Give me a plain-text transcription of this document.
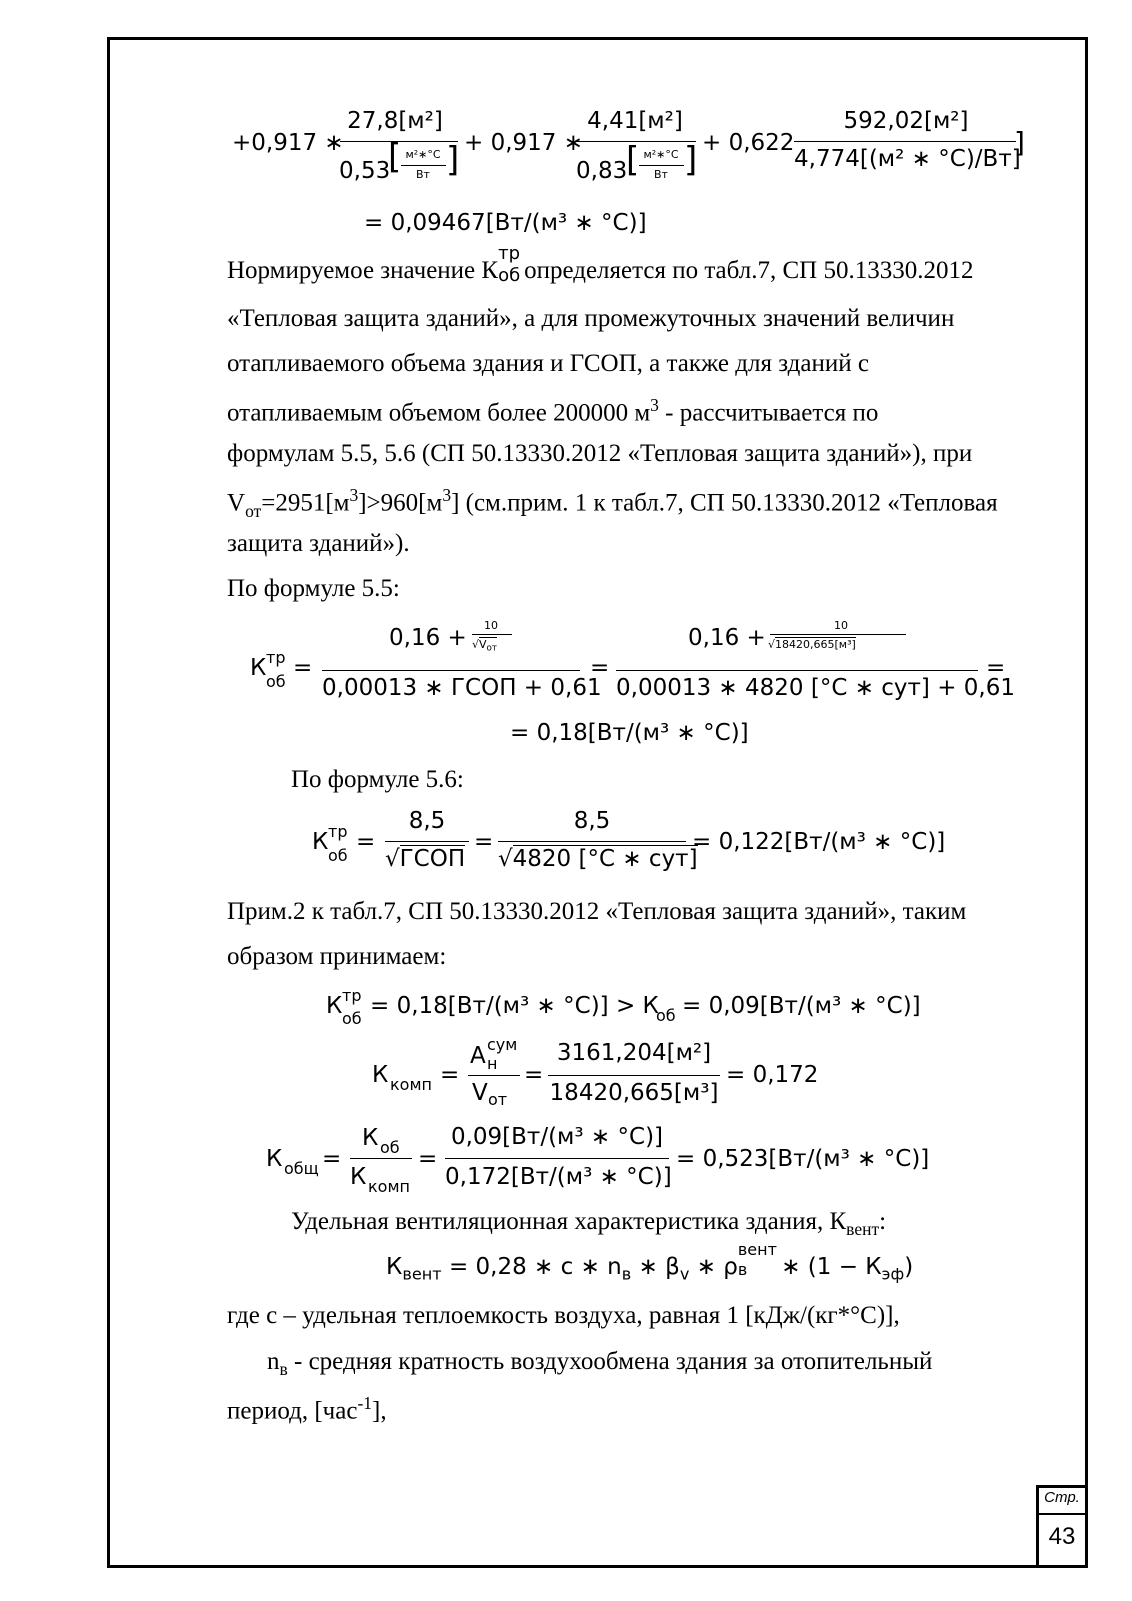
+0,917 ∗
27,8[м²]
0,53
[ м²∗°С
Вт ] + 0,917 ∗
4,41[м²]
0,83
[ м²∗°С
Вт ] + 0,622
592,02[м²]
4,774[(м² ∗ °С)/Вт]
]
= 0,09467[Вт/(м³ ∗ °С)]
Нормируемое значение К
тр
об определяется по табл.7, СП 50.13330.2012
«Тепловая защита зданий», а для промежуточных значений величин
отапливаемого объема здания и ГСОП, а также для зданий с
отапливаемым объемом более 200000 $м^3$ - рассчитывается по
формулам 5.5, 5.6 (СП 50.13330.2012 «Тепловая защита зданий»), при
$V_{от}=2951[м^3]>960[м^3]$ (см.прим. 1 к табл.7, СП 50.13330.2012 «Тепловая
защита зданий»).
По формуле 5.5:
К тр
об
=
0,16 +	10
$√V_{от}$
0,00013 ∗ ГСОП + 0,61
=
0,16 +	10
√18420,665[м³]
0,00013 ∗ 4820 [°С ∗ сут] + 0,61
=
= 0,18[Вт/(м³ ∗ °С)]
По формуле 5.6:
К тр
об
=
8,5
√ГСОП
=
8,5
√4820 [°С ∗ сут]
= 0,122[Вт/(м³ ∗ °С)]
Прим.2 к табл.7, СП 50.13330.2012 «Тепловая защита зданий», таким
образом принимаем:
К тр
об = 0,18[Вт/(м³ ∗ °С)] > К
об = 0,09[Вт/(м³ ∗ °С)]
К комп =
А сум
н
V от
=
3161,204[м²]
18420,665[м³]
= 0,172
К общ =
К об
К комп
=
0,09[Вт/(м³ ∗ °С)]
0,172[Вт/(м³ ∗ °С)]
= 0,523[Вт/(м³ ∗ °С)]
Удельная вентиляционная характеристика здания, $К_{вент}$:
$К_{вент} = 0,28$ ∗ с ∗ $n_в$ ∗ $\beta_v$ ∗ ρ
вент
в ∗ $(1 - К_{эф})$
где с – удельная теплоемкость воздуха, равная 1 [кДж/(кг*°С)],
$n_в$ - средняя кратность воздухообмена здания за отопительный
период, [час$^{-1}$],
Стр.
43
